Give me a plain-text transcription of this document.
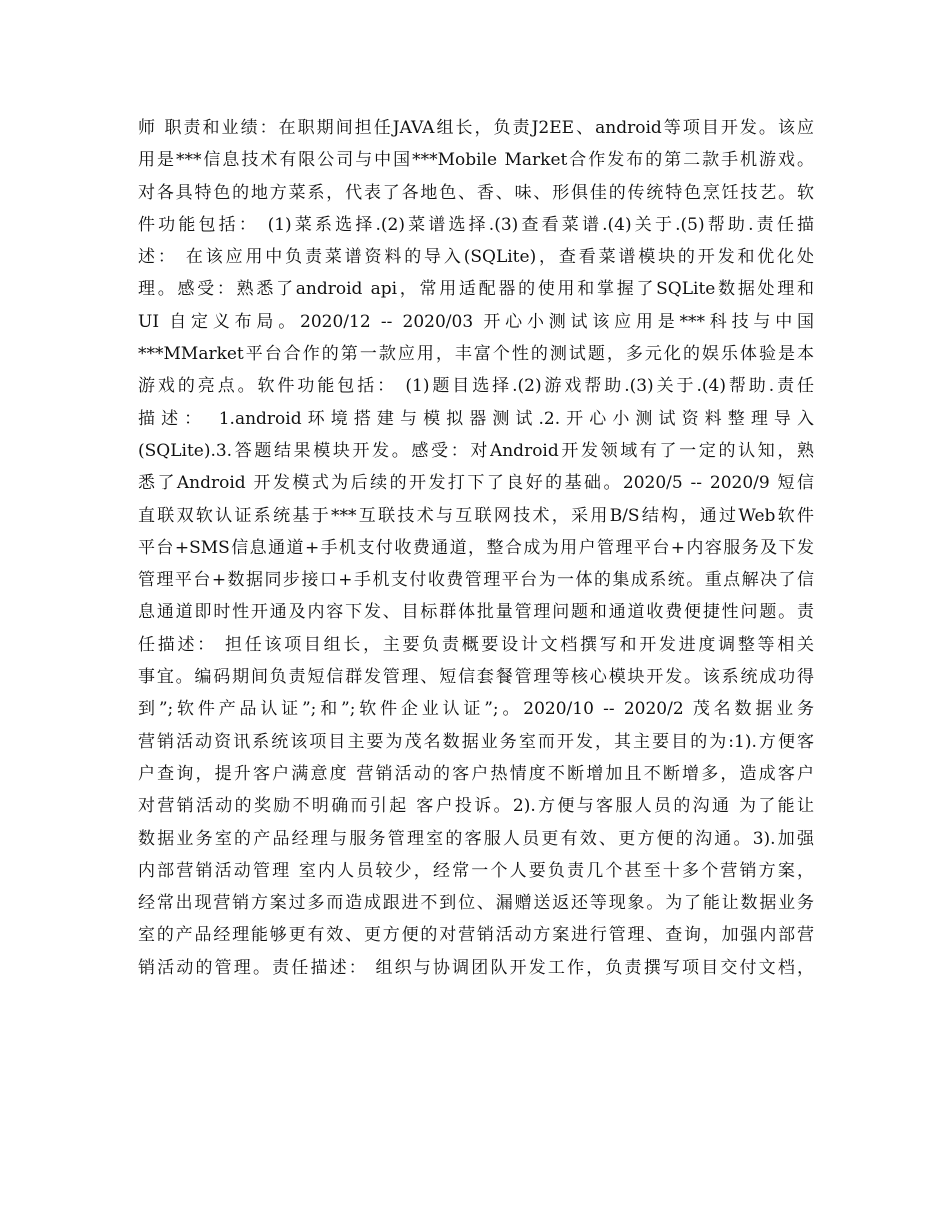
师 职责和业绩：在职期间担任JAVA组长，负责J2EE、android等项目开发。该应
用是***信息技术有限公司与中国***Mobile Market合作发布的第二款手机游戏。
对各具特色的地方菜系，代表了各地色、香、味、形俱佳的传统特色烹饪技艺。软
件功能包括： (1)菜系选择.(2)菜谱选择.(3)查看菜谱.(4)关于.(5)帮助.责任描
述： 在该应用中负责菜谱资料的导入(SQLite)，查看菜谱模块的开发和优化处
理。感受：熟悉了android api，常用适配器的使用和掌握了SQLite数据处理和
UI 自定义布局。2020/12 -- 2020/03 开心小测试该应用是***科技与中国
***MMarket平台合作的第一款应用，丰富个性的测试题，多元化的娱乐体验是本
游戏的亮点。软件功能包括： (1)题目选择.(2)游戏帮助.(3)关于.(4)帮助.责任
描述： 1.android环境搭建与模拟器测试.2.开心小测试资料整理导入
(SQLite).3.答题结果模块开发。感受：对Android开发领域有了一定的认知，熟
悉了Android 开发模式为后续的开发打下了良好的基础。2020/5 -- 2020/9 短信
直联双软认证系统基于***互联技术与互联网技术，采用B/S结构，通过Web软件
平台+SMS信息通道+手机支付收费通道，整合成为用户管理平台+内容服务及下发
管理平台+数据同步接口+手机支付收费管理平台为一体的集成系统。重点解决了信
息通道即时性开通及内容下发、目标群体批量管理问题和通道收费便捷性问题。责
任描述： 担任该项目组长，主要负责概要设计文档撰写和开发进度调整等相关
事宜。编码期间负责短信群发管理、短信套餐管理等核心模块开发。该系统成功得
到”;软件产品认证”;和”;软件企业认证”;。2020/10 -- 2020/2 茂名数据业务
营销活动资讯系统该项目主要为茂名数据业务室而开发，其主要目的为:1).方便客
户查询，提升客户满意度 营销活动的客户热情度不断增加且不断增多，造成客户
对营销活动的奖励不明确而引起 客户投诉。2).方便与客服人员的沟通 为了能让
数据业务室的产品经理与服务管理室的客服人员更有效、更方便的沟通。3).加强
内部营销活动管理 室内人员较少，经常一个人要负责几个甚至十多个营销方案，
经常出现营销方案过多而造成跟进不到位、漏赠送返还等现象。为了能让数据业务
室的产品经理能够更有效、更方便的对营销活动方案进行管理、查询，加强内部营
销活动的管理。责任描述： 组织与协调团队开发工作，负责撰写项目交付文档，
